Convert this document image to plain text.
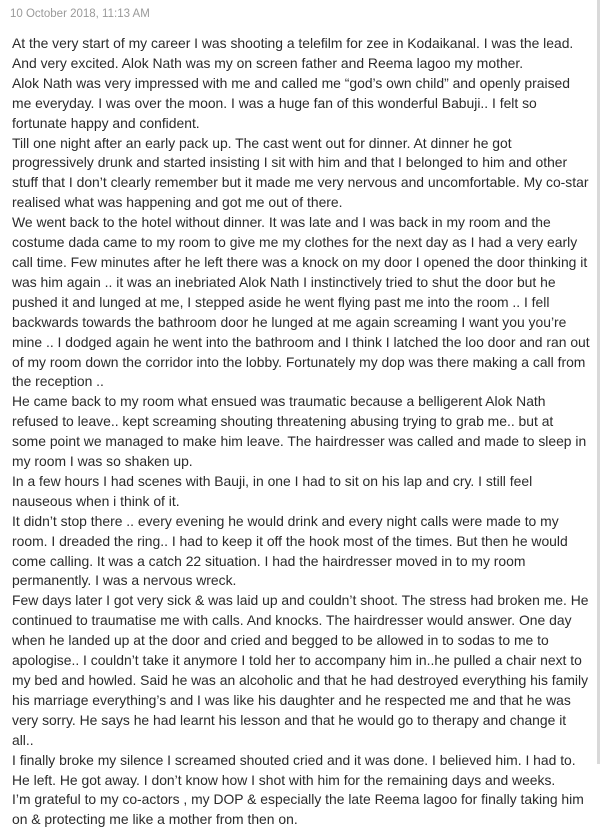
10 October 2018, 11:13 AM

At the very start of my career I was shooting a telefilm for zee in Kodaikanal. I was the lead. And very excited. Alok Nath was my on screen father and Reema lagoo my mother.

Alok Nath was very impressed with me and called me “god’s own child” and openly praised me everyday. I was over the moon. I was a huge fan of this wonderful Babuji.. I felt so fortunate happy and confident.

Till one night after an early pack up. The cast went out for dinner. At dinner he got progressively drunk and started insisting I sit with him and that I belonged to him and other stuff that I don’t clearly remember but it made me very nervous and uncomfortable. My co-star realised what was happening and got me out of there.

We went back to the hotel without dinner. It was late and I was back in my room and the costume dada came to my room to give me my clothes for the next day as I had a very early call time. Few minutes after he left there was a knock on my door I opened the door thinking it was him again .. it was an inebriated Alok Nath I instinctively tried to shut the door but he pushed it and lunged at me, I stepped aside he went flying past me into the room .. I fell backwards towards the bathroom door he lunged at me again screaming I want you you’re mine .. I dodged again he went into the bathroom and I think I latched the loo door and ran out of my room down the corridor into the lobby. Fortunately my dop was there making a call from the reception ..

He came back to my room what ensued was traumatic because a belligerent Alok Nath refused to leave.. kept screaming shouting threatening abusing trying to grab me.. but at some point we managed to make him leave. The hairdresser was called and made to sleep in my room I was so shaken up.

In a few hours I had scenes with Bauji, in one I had to sit on his lap and cry. I still feel nauseous when i think of it.

It didn’t stop there .. every evening he would drink and every night calls were made to my room. I dreaded the ring.. I had to keep it off the hook most of the times. But then he would come calling. It was a catch 22 situation. I had the hairdresser moved in to my room permanently. I was a nervous wreck.

Few days later I got very sick & was laid up and couldn’t shoot. The stress had broken me. He continued to traumatise me with calls. And knocks. The hairdresser would answer. One day when he landed up at the door and cried and begged to be allowed in to sodas to me to apologise.. I couldn’t take it anymore I told her to accompany him in..he pulled a chair next to my bed and howled. Said he was an alcoholic and that he had destroyed everything his family his marriage everything’s and I was like his daughter and he respected me and that he was very sorry. He says he had learnt his lesson and that he would go to therapy and change it all..

I finally broke my silence I screamed shouted cried and it was done. I believed him. I had to.

He left. He got away. I don’t know how I shot with him for the remaining days and weeks.

I’m grateful to my co-actors , my DOP & especially the late Reema lagoo for finally taking him on & protecting me like a mother from then on.
